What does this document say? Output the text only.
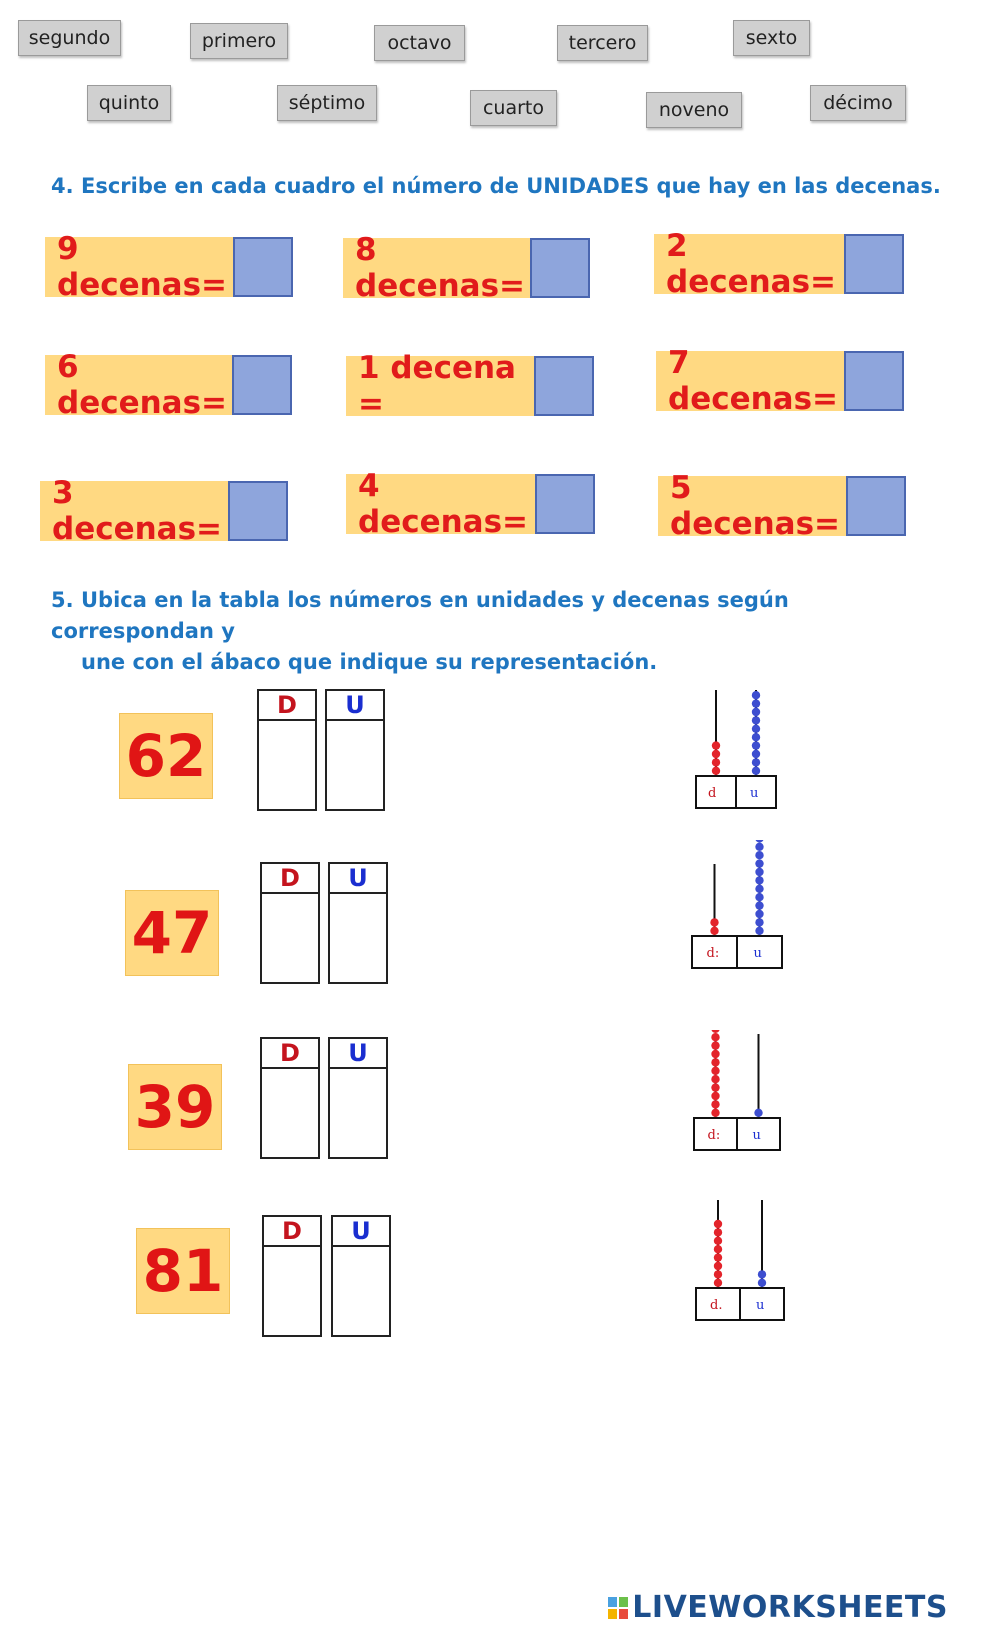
segundo	primero	octavo	tercero	sexto
quinto	séptimo	cuarto	noveno	décimo
4. Escribe en cada cuadro el número de UNIDADES que hay en las decenas.
9 decenas=
8 decenas=
2 decenas=
6 decenas=
1 decena =
7 decenas=
3 decenas=
4 decenas=
5 decenas=
5. Ubica en la tabla los números en unidades y decenas según correspondan y
une con el ábaco que indique su representación.
62
47
39
81
D	U
D	U
D	U
D	U
d	u
d:	u
d: u
d.	u
LIVEWORKSHEETS
